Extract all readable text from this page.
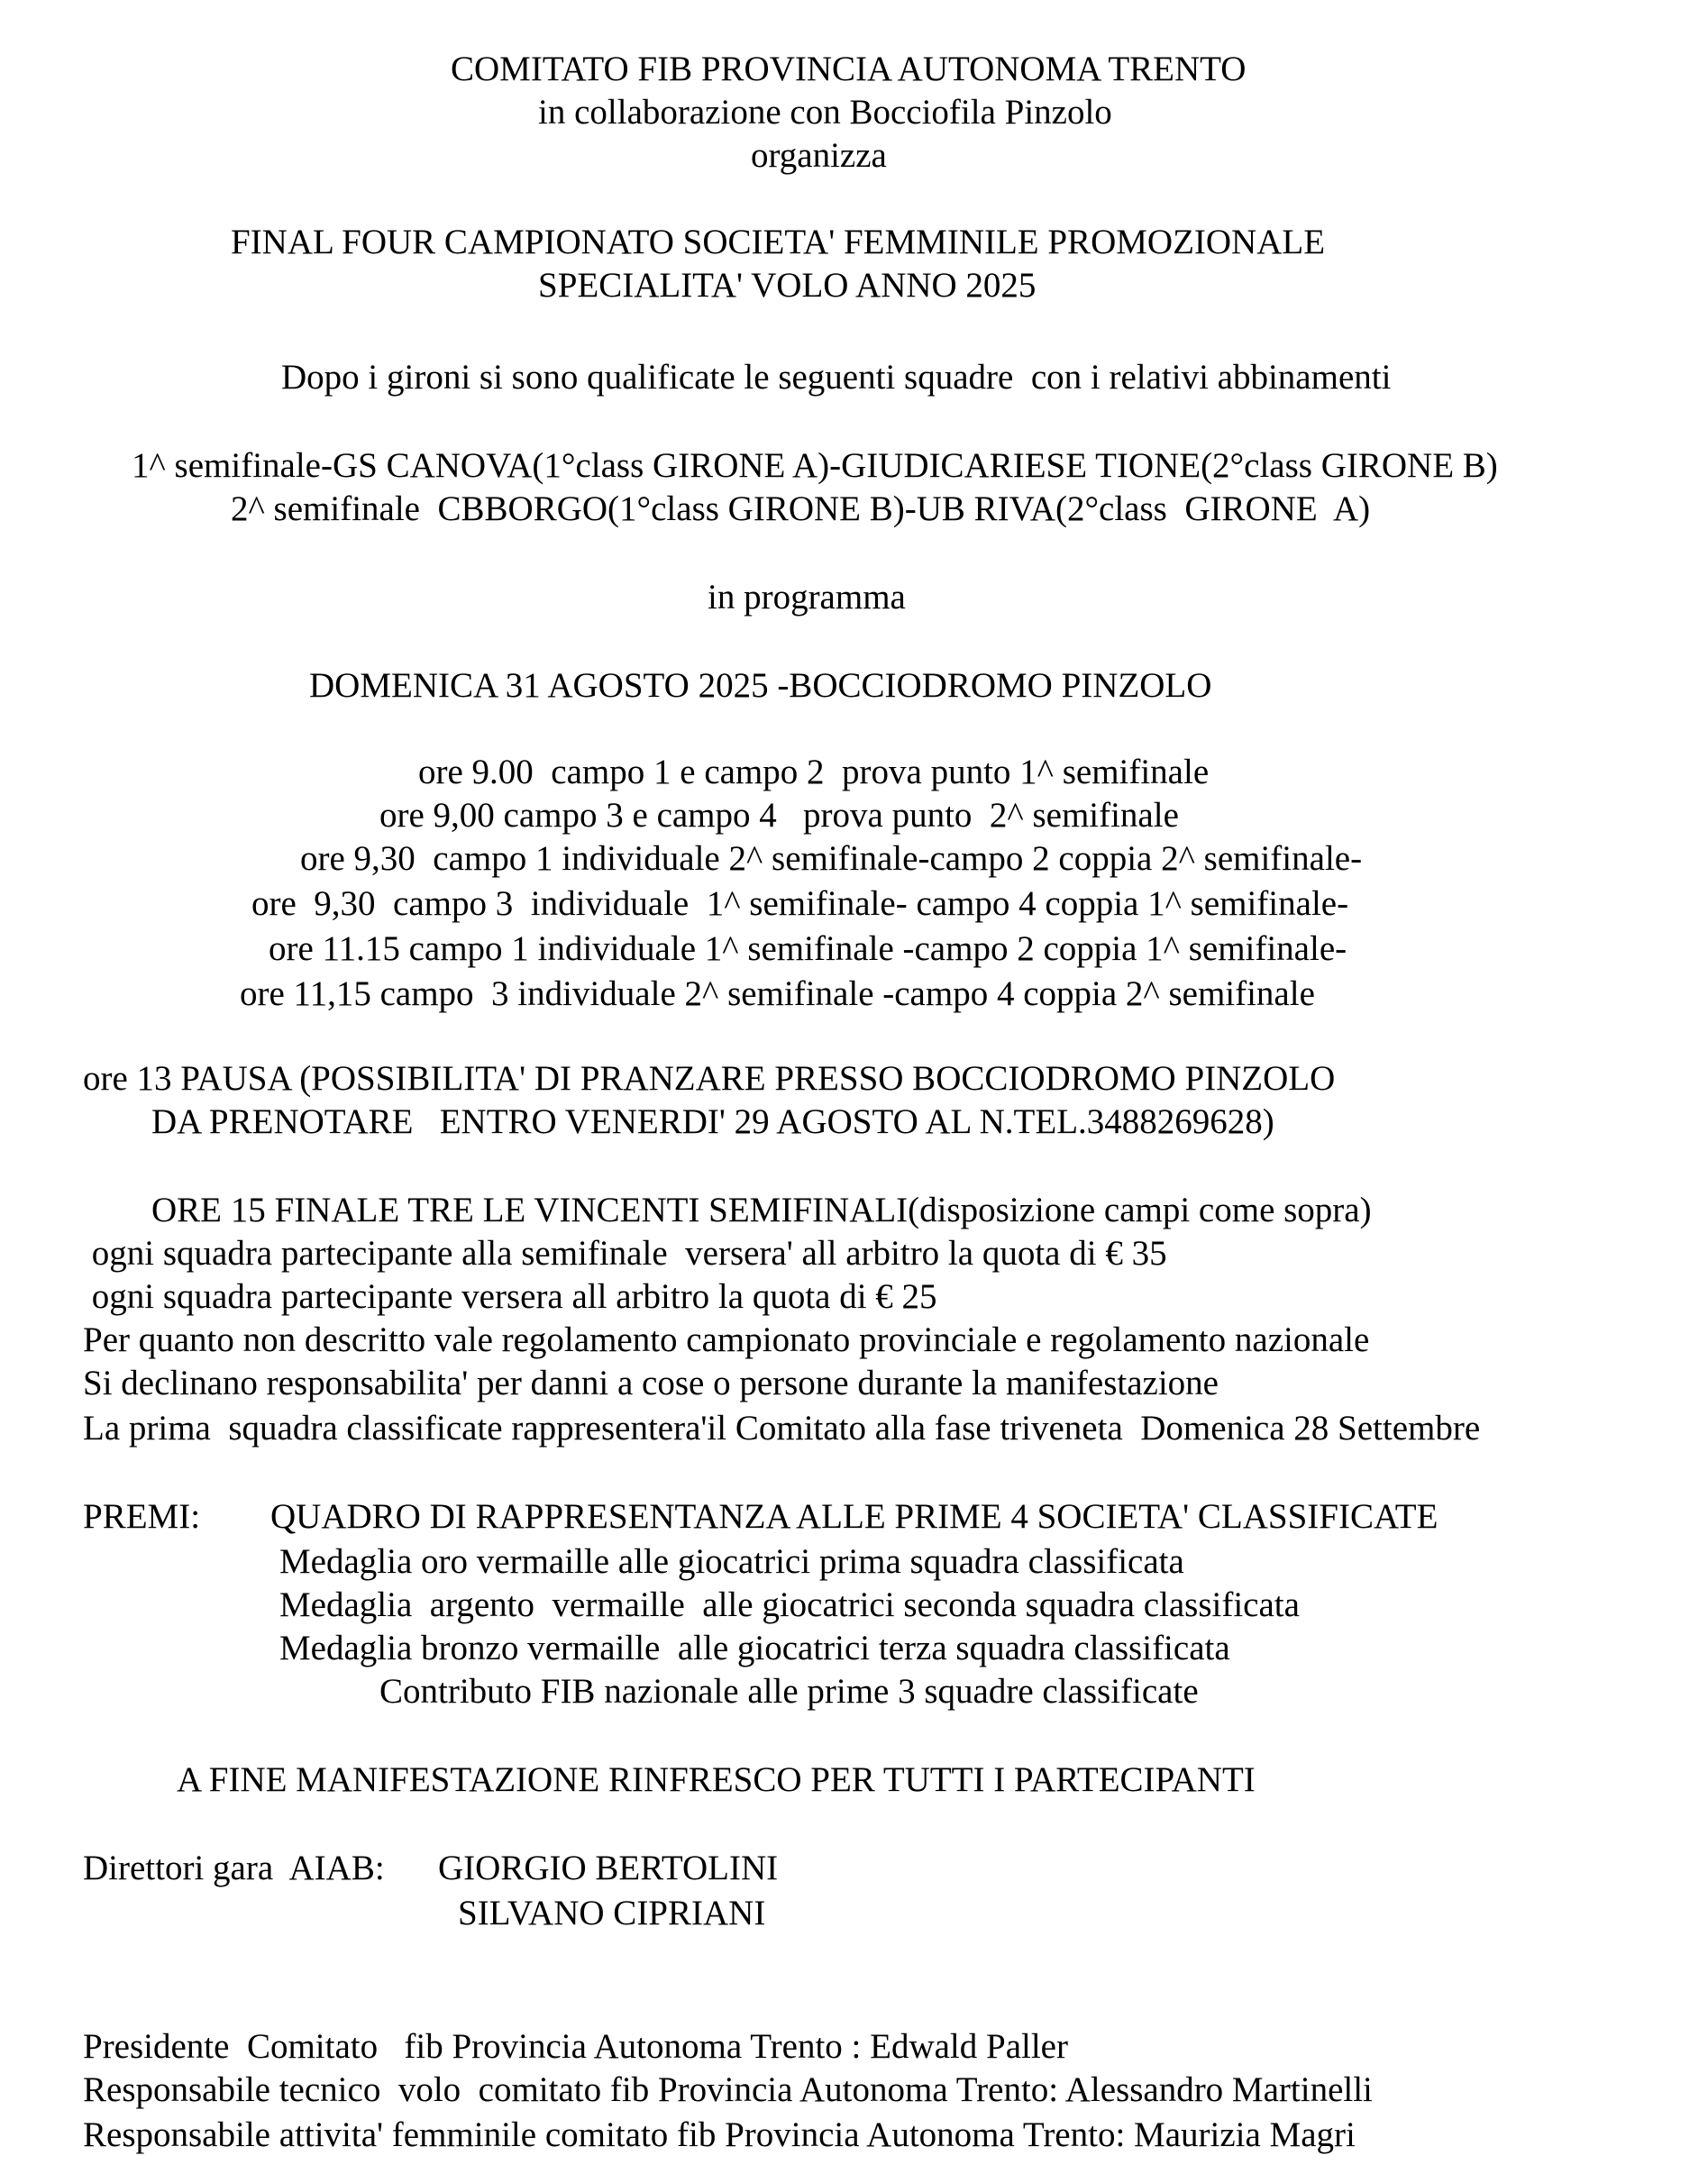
COMITATO FIB PROVINCIA AUTONOMA TRENTO

in collaborazione con Bocciofila Pinzolo

organizza

FINAL FOUR CAMPIONATO SOCIETA' FEMMINILE PROMOZIONALE

SPECIALITA' VOLO ANNO 2025

Dopo i gironi si sono qualificate le seguenti squadre  con i relativi abbinamenti

1^ semifinale-GS CANOVA(1°class GIRONE A)-GIUDICARIESE TIONE(2°class GIRONE B)

2^ semifinale  CBBORGO(1°class GIRONE B)-UB RIVA(2°class  GIRONE  A)

in programma

DOMENICA 31 AGOSTO 2025 -BOCCIODROMO PINZOLO

ore 9.00  campo 1 e campo 2  prova punto 1^ semifinale

ore 9,00 campo 3 e campo 4   prova punto  2^ semifinale

ore 9,30  campo 1 individuale 2^ semifinale-campo 2 coppia 2^ semifinale-

ore  9,30  campo 3  individuale  1^ semifinale- campo 4 coppia 1^ semifinale-

ore 11.15 campo 1 individuale 1^ semifinale -campo 2 coppia 1^ semifinale-

ore 11,15 campo  3 individuale 2^ semifinale -campo 4 coppia 2^ semifinale

ore 13 PAUSA (POSSIBILITA' DI PRANZARE PRESSO BOCCIODROMO PINZOLO

DA PRENOTARE   ENTRO VENERDI' 29 AGOSTO AL N.TEL.3488269628)

ORE 15 FINALE TRE LE VINCENTI SEMIFINALI(disposizione campi come sopra)

ogni squadra partecipante alla semifinale  versera' all arbitro la quota di € 35

ogni squadra partecipante versera all arbitro la quota di € 25

Per quanto non descritto vale regolamento campionato provinciale e regolamento nazionale

Si declinano responsabilita' per danni a cose o persone durante la manifestazione

La prima  squadra classificate rappresentera'il Comitato alla fase triveneta  Domenica 28 Settembre

PREMI: QUADRO DI RAPPRESENTANZA ALLE PRIME 4 SOCIETA' CLASSIFICATE

Medaglia oro vermaille alle giocatrici prima squadra classificata

Medaglia  argento  vermaille  alle giocatrici seconda squadra classificata

Medaglia bronzo vermaille  alle giocatrici terza squadra classificata

Contributo FIB nazionale alle prime 3 squadre classificate

A FINE MANIFESTAZIONE RINFRESCO PER TUTTI I PARTECIPANTI

Direttori gara  AIAB: GIORGIO BERTOLINI

SILVANO CIPRIANI

Presidente  Comitato   fib Provincia Autonoma Trento : Edwald Paller

Responsabile tecnico  volo  comitato fib Provincia Autonoma Trento: Alessandro Martinelli

Responsabile attivita' femminile comitato fib Provincia Autonoma Trento: Maurizia Magri
